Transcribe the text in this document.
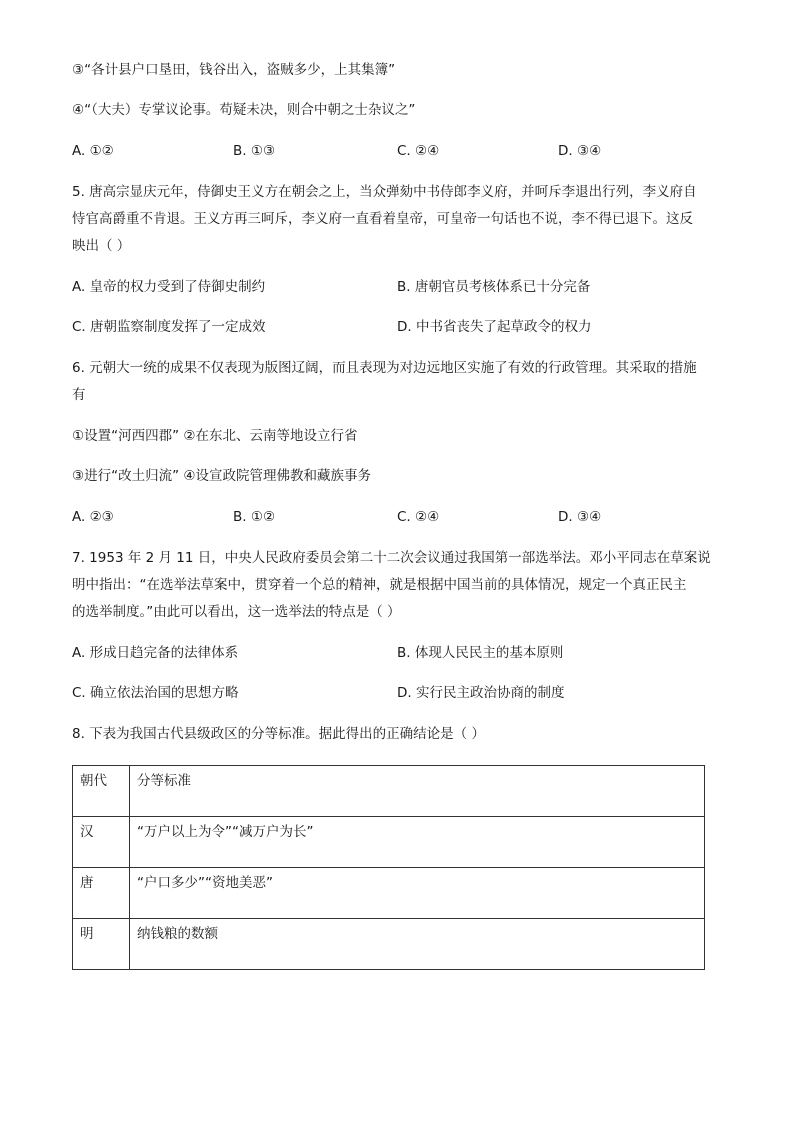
③“各计县户口垦田，钱谷出入，盗贼多少，上其集簿”
④“（大夫）专掌议论事。苟疑未决，则合中朝之士杂议之”
A. ①②	B. ①③	C. ②④	D. ③④
5. 唐高宗显庆元年，侍御史王义方在朝会之上，当众弹劾中书侍郎李义府，并呵斥李退出行列，李义府自
恃官高爵重不肯退。王义方再三呵斥，李义府一直看着皇帝，可皇帝一句话也不说，李不得已退下。这反
映出（ ）
A. 皇帝的权力受到了侍御史制约	B. 唐朝官员考核体系已十分完备
C. 唐朝监察制度发挥了一定成效	D. 中书省丧失了起草政令的权力
6. 元朝大一统的成果不仅表现为版图辽阔，而且表现为对边远地区实施了有效的行政管理。其采取的措施
有
①设置“河西四郡” ②在东北、云南等地设立行省
③进行“改土归流” ④设宣政院管理佛教和藏族事务
A. ②③	B. ①②	C. ②④	D. ③④
7. 1953 年 2 月 11 日，中央人民政府委员会第二十二次会议通过我国第一部选举法。邓小平同志在草案说
明中指出：“在选举法草案中，贯穿着一个总的精神，就是根据中国当前的具体情况，规定一个真正民主
的选举制度。”由此可以看出，这一选举法的特点是（ ）
A. 形成日趋完备的法律体系	B. 体现人民民主的基本原则
C. 确立依法治国的思想方略	D. 实行民主政治协商的制度
8. 下表为我国古代县级政区的分等标准。据此得出的正确结论是（ ）
朝代	分等标准
汉	“万户以上为令”“减万户为长”
唐	“户口多少”“资地美恶”
明	纳钱粮的数额
